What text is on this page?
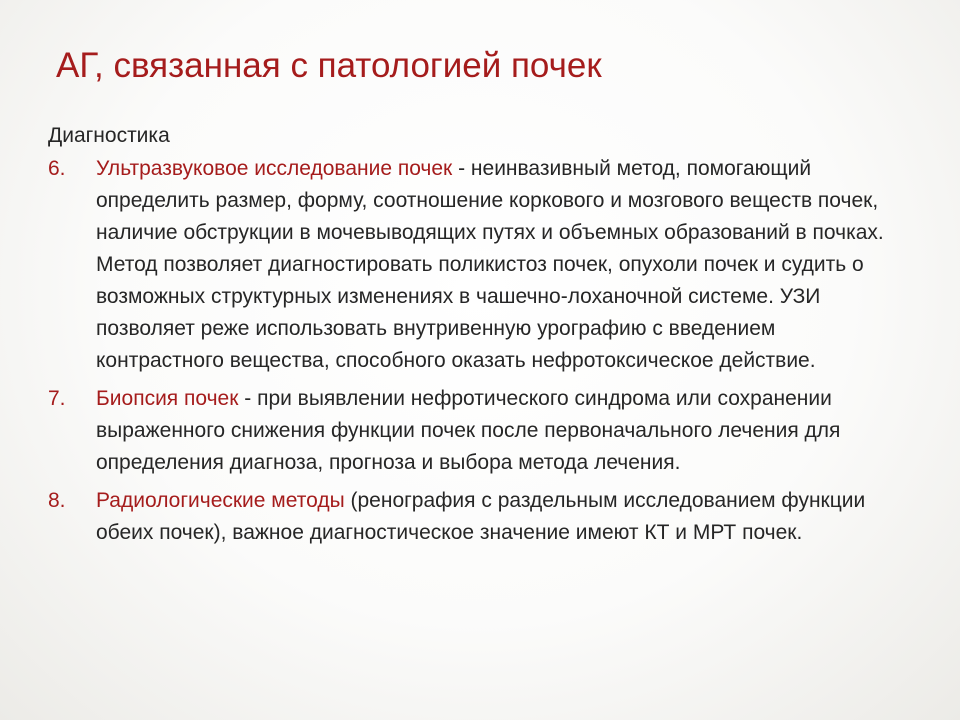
АГ, связанная с патологией почек
Диагностика
6.	Ультразвуковое исследование почек - неинвазивный метод, помогающий определить размер, форму, соотношение коркового и мозгового веществ почек, наличие обструкции в мочевыводящих путях и объемных образований в почках. Метод позволяет диагностировать поликистоз почек, опухоли почек и судить о возможных структурных изменениях в чашечно-лоханочной системе. УЗИ позволяет реже использовать внутривенную урографию с введением контрастного вещества, способного оказать нефротоксическое действие.
7.	Биопсия почек - при выявлении нефротического синдрома или сохранении выраженного снижения функции почек после первоначального лечения для определения диагноза, прогноза и выбора метода лечения.
8.	Радиологические методы (ренография с раздельным исследованием функции обеих почек), важное диагностическое значение имеют КТ и МРТ почек.
